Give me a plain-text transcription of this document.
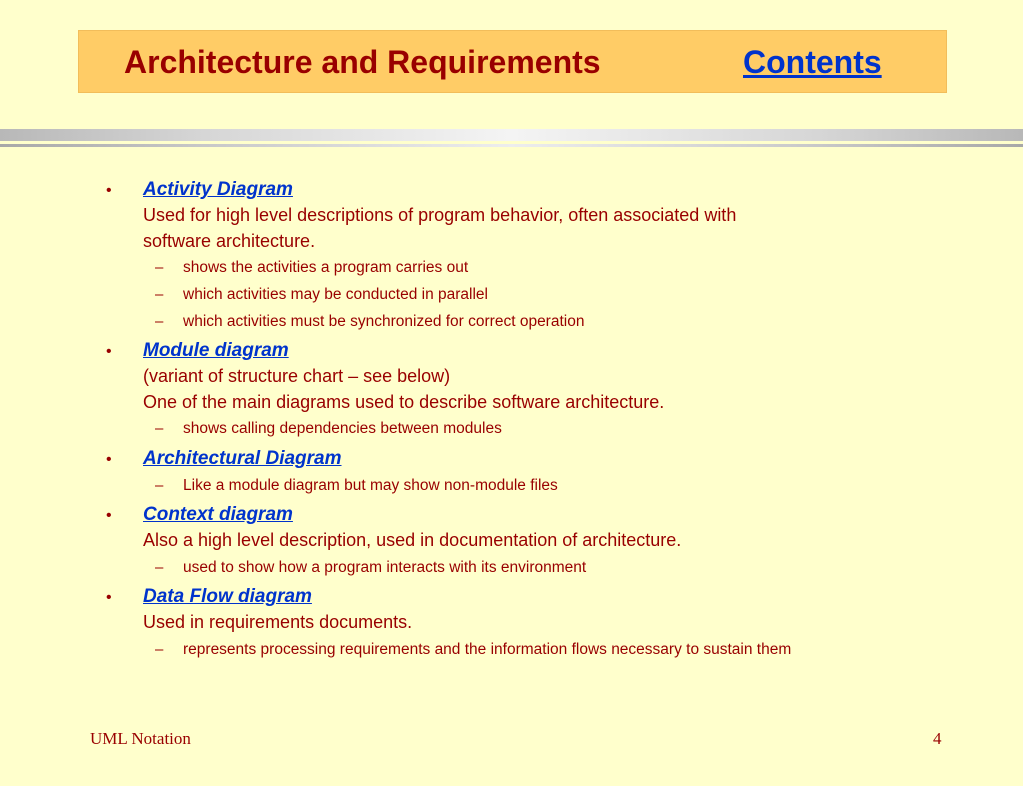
Architecture and Requirements	Contents
• Activity Diagram
Used for high level descriptions of program behavior, often associated with
software architecture.
– shows the activities a program carries out
– which activities may be conducted in parallel
– which activities must be synchronized for correct operation
• Module diagram
(variant of structure chart – see below)
One of the main diagrams used to describe software architecture.
– shows calling dependencies between modules
• Architectural Diagram
– Like a module diagram but may show non-module files
• Context diagram
Also a high level description, used in documentation of architecture.
– used to show how a program interacts with its environment
• Data Flow diagram
Used in requirements documents.
– represents processing requirements and the information flows necessary to sustain them
UML Notation	4
